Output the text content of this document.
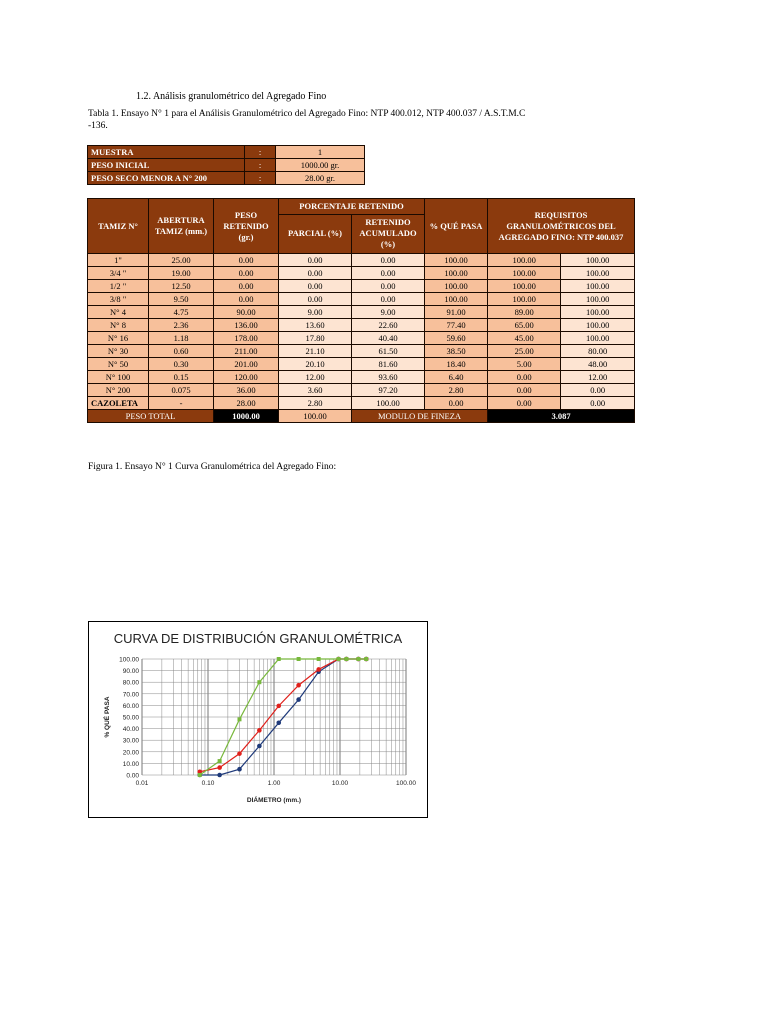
1.2. Análisis granulométrico del Agregado Fino
Tabla 1. Ensayo N° 1 para el Análisis Granulométrico del Agregado Fino: NTP 400.012, NTP 400.037 / A.S.T.M.C -136.
MUESTRA	:	1
PESO INICIAL	:	1000.00 gr.
PESO SECO MENOR A N° 200	:	28.00 gr.
TAMIZ N°	ABERTURA TAMIZ (mm.)	PESO RETENIDO (gr.)	PORCENTAJE RETENIDO		% QUÉ PASA	REQUISITOS GRANULOMÉTRICOS DEL AGREGADO FINO: NTP 400.037	
			PARCIAL (%)	RETENIDO ACUMULADO (%)			
1"	25.00	0.00	0.00	0.00	100.00	100.00	100.00
3/4 "	19.00	0.00	0.00	0.00	100.00	100.00	100.00
1/2 "	12.50	0.00	0.00	0.00	100.00	100.00	100.00
3/8 "	9.50	0.00	0.00	0.00	100.00	100.00	100.00
N° 4	4.75	90.00	9.00	9.00	91.00	89.00	100.00
N° 8	2.36	136.00	13.60	22.60	77.40	65.00	100.00
N° 16	1.18	178.00	17.80	40.40	59.60	45.00	100.00
N° 30	0.60	211.00	21.10	61.50	38.50	25.00	80.00
N° 50	0.30	201.00	20.10	81.60	18.40	5.00	48.00
N° 100	0.15	120.00	12.00	93.60	6.40	0.00	12.00
N° 200	0.075	36.00	3.60	97.20	2.80	0.00	0.00
CAZOLETA	-	28.00	2.80	100.00	0.00	0.00	0.00
PESO TOTAL		1000.00	100.00	MODULO DE FINEZA		3.087	
Figura 1. Ensayo N° 1 Curva Granulométrica del Agregado Fino:
CURVA DE DISTRIBUCIÓN GRANULOMÉTRICA
0.00
10.00
20.00
30.00
40.00
50.00
60.00
70.00
80.00
90.00
100.00
0.01	0.10	1.00	10.00	100.00
DIÁMETRO (mm.)
% QUÉ PASA
